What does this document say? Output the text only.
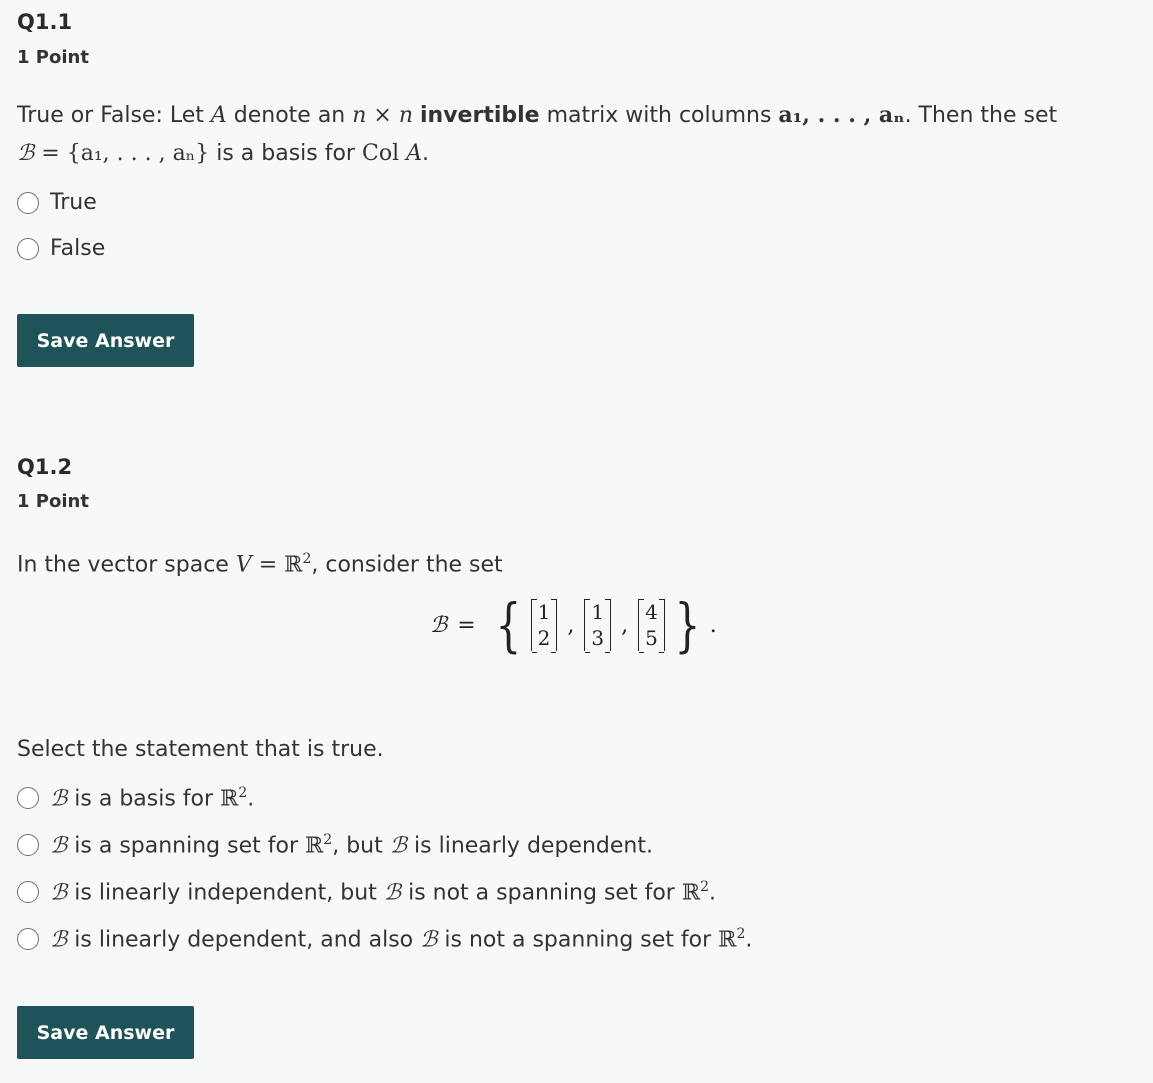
Q1.1
1 Point
True or False: Let A denote an n × n invertible matrix with columns a₁, . . . , aₙ. Then the set
ℬ = {a₁, . . . , aₙ} is a basis for Col A.
True
False
Save Answer
Q1.2
1 Point
In the vector space V = ℝ$^2$, consider the set
ℬ = { 1
2
,
1
3
,
4
5 } .
Select the statement that is true.
ℬ is a basis for ℝ$^2$.
ℬ is a spanning set for ℝ$^2$, but ℬ is linearly dependent.
ℬ is linearly independent, but ℬ is not a spanning set for ℝ$^2$.
ℬ is linearly dependent, and also ℬ is not a spanning set for ℝ$^2$.
Save Answer
